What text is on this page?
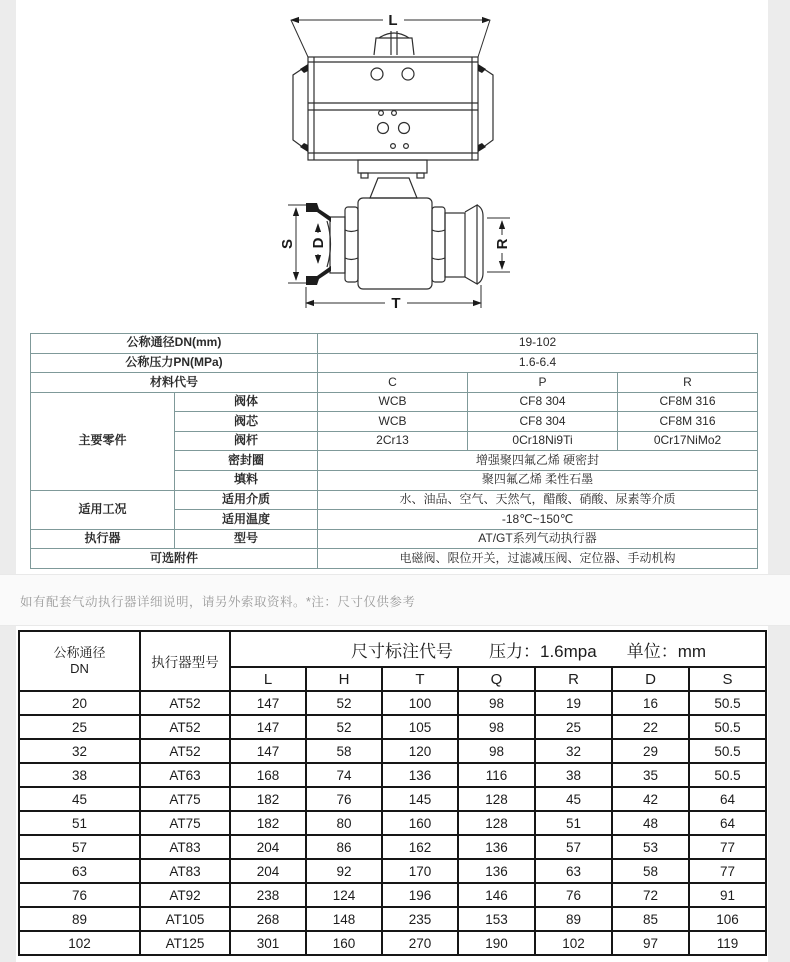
L
S D	R
T
公称通径DN(mm)		19-102		
公称压力PN(MPa)		1.6-6.4		
材料代号		C	P	R
主要零件	阀体	WCB	CF8 304	CF8M 316
	阀芯	WCB	CF8 304	CF8M 316
	阀杆	2Cr13	0Cr18Ni9Ti	0Cr17NiMo2
	密封圈	增强聚四氟乙烯 硬密封		
	填料	聚四氟乙烯 柔性石墨		
适用工况	适用介质	水、油品、空气、天然气，醋酸、硝酸、尿素等介质		
	适用温度	-18℃~150℃		
执行器	型号	AT/GT系列气动执行器		
可选附件		电磁阀、限位开关，过滤减压阀、定位器、手动机构		
如有配套气动执行器详细说明，请另外索取资料。*注：尺寸仅供参考
公称通径
DN	执行器型号	
尺寸标注代号 压力：1.6mpa 单位：mm

		L	H	T	Q	R	D	S
20	AT52	147	52	100	98	19	16	50.5
25	AT52	147	52	105	98	25	22	50.5
32	AT52	147	58	120	98	32	29	50.5
38	AT63	168	74	136	116	38	35	50.5
45	AT75	182	76	145	128	45	42	64
51	AT75	182	80	160	128	51	48	64
57	AT83	204	86	162	136	57	53	77
63	AT83	204	92	170	136	63	58	77
76	AT92	238	124	196	146	76	72	91
89	AT105	268	148	235	153	89	85	106
102	AT125	301	160	270	190	102	97	119
